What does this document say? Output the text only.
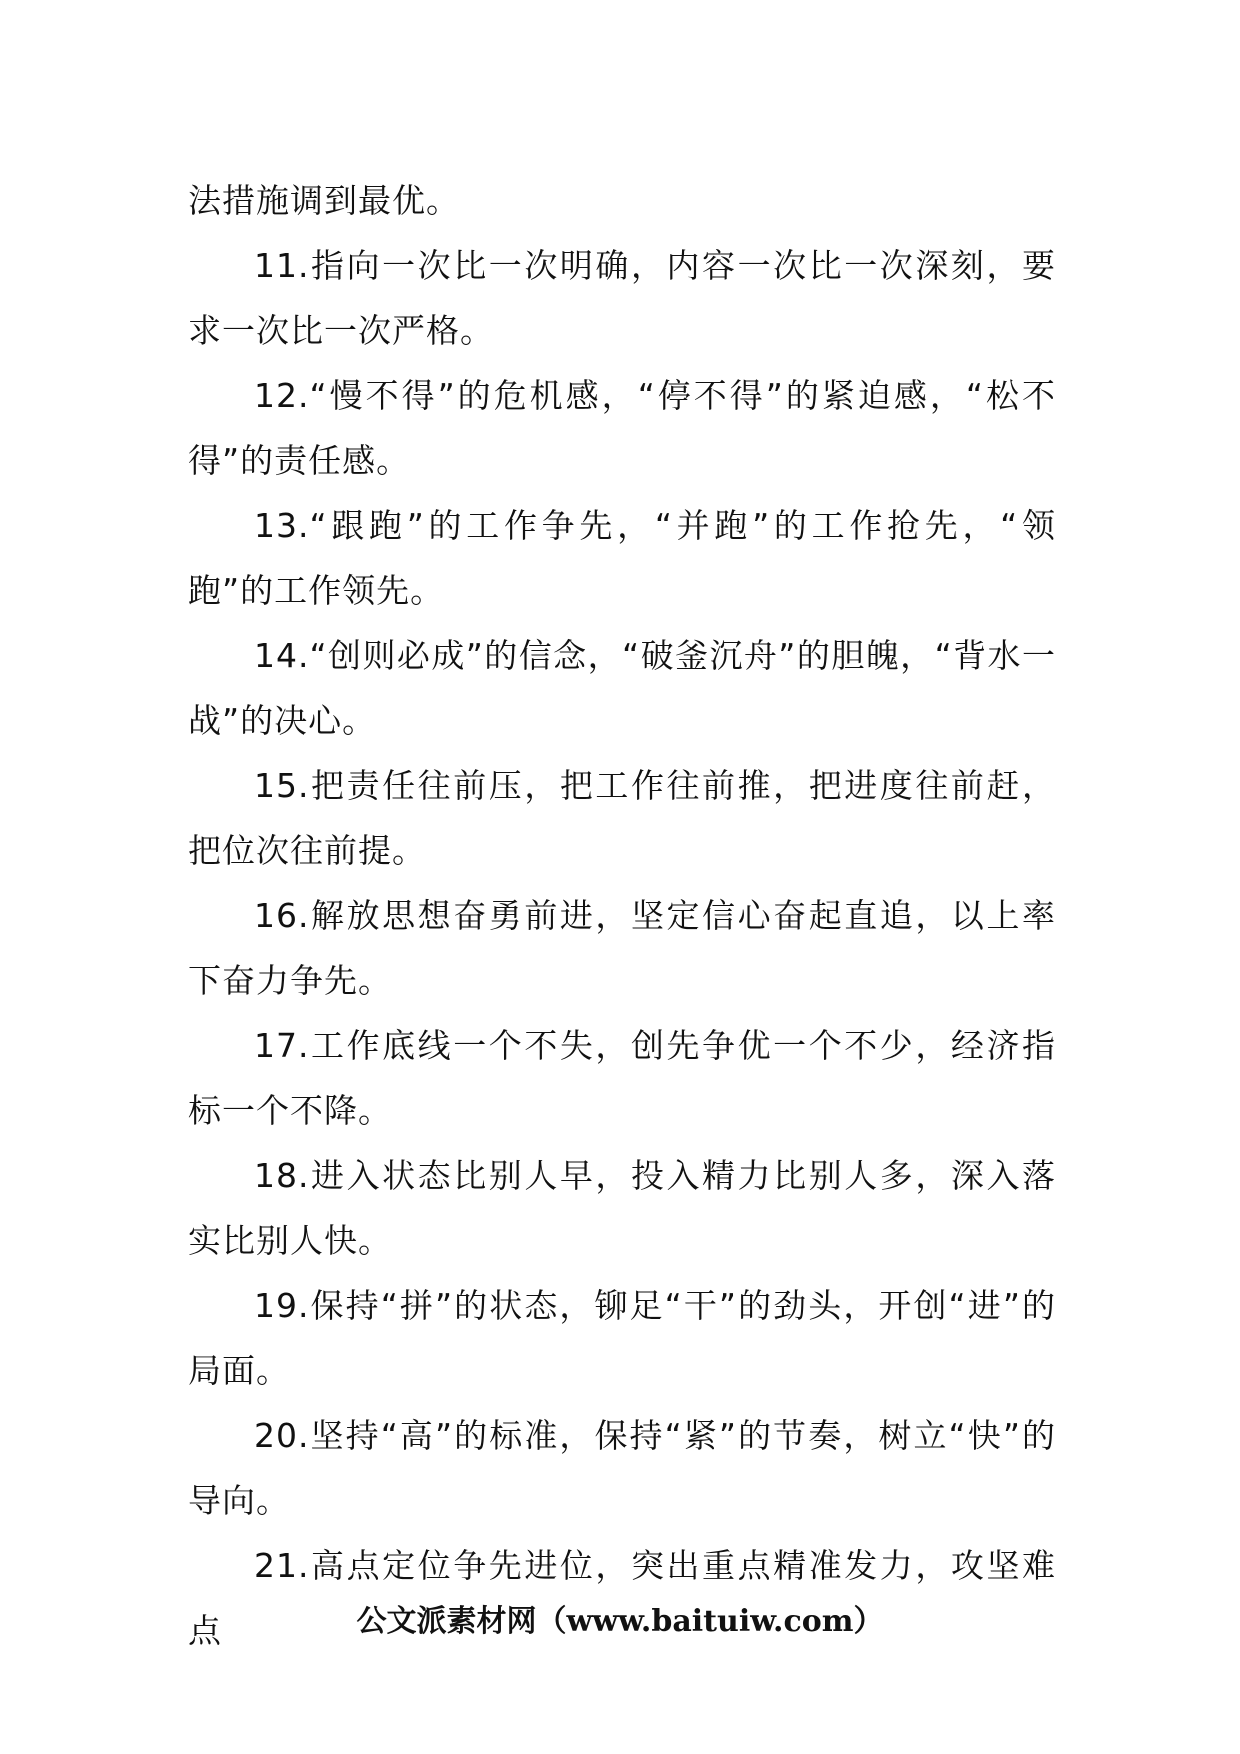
法措施调到最优。

11.指向一次比一次明确，内容一次比一次深刻，要求一次比一次严格。

12.“慢不得”的危机感，“停不得”的紧迫感，“松不得”的责任感。

13.“跟跑”的工作争先，“并跑”的工作抢先，“领跑”的工作领先。

14.“创则必成”的信念，“破釜沉舟”的胆魄，“背水一战”的决心。

15.把责任往前压，把工作往前推，把进度往前赶，把位次往前提。

16.解放思想奋勇前进，坚定信心奋起直追，以上率下奋力争先。

17.工作底线一个不失，创先争优一个不少，经济指标一个不降。

18.进入状态比别人早，投入精力比别人多，深入落实比别人快。

19.保持“拼”的状态，铆足“干”的劲头，开创“进”的局面。

20.坚持“高”的标准，保持“紧”的节奏，树立“快”的导向。

21.高点定位争先进位，突出重点精准发力，攻坚难点	公文派素材网（www.baituiw.com）
